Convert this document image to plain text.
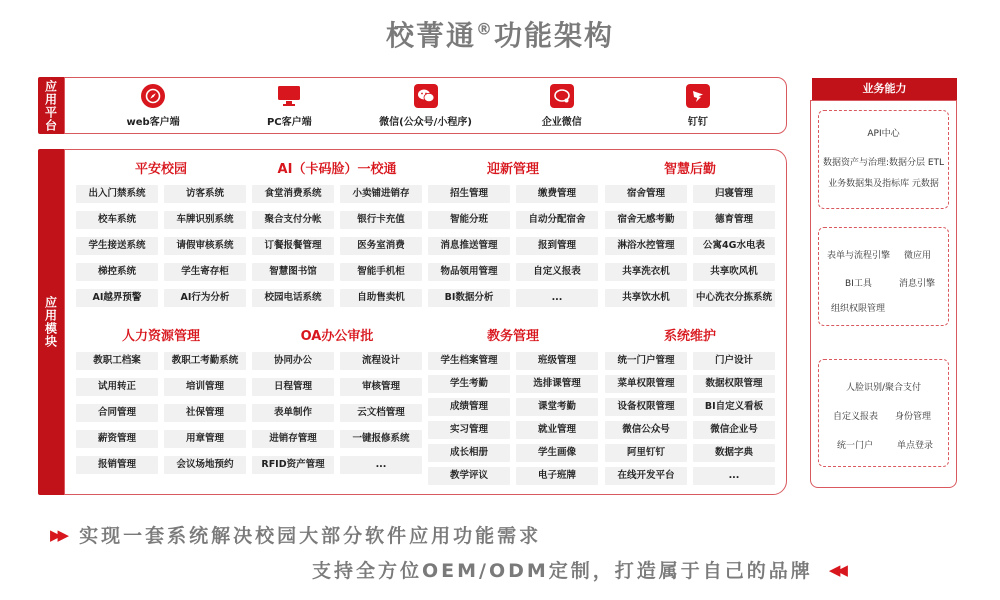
校菁通®功能架构
应用平台	web客户端	PC客户端	微信(公众号/小程序)	企业微信	钉钉
应用模块
平安校园
出入门禁系统	访客系统
校车系统	车牌识别系统
学生接送系统	请假审核系统
梯控系统	学生寄存柜
AI越界预警	AI行为分析
AI（卡码脸）一校通
食堂消费系统	小卖铺进销存
聚合支付分帐	银行卡充值
订餐报餐管理	医务室消费
智慧图书馆	智能手机柜
校园电话系统	自助售卖机
迎新管理
招生管理	缴费管理
智能分班	自动分配宿舍
消息推送管理	报到管理
物品领用管理	自定义报表
BI数据分析	...
智慧后勤
宿舍管理	归寝管理
宿舍无感考勤	德育管理
淋浴水控管理	公寓4G水电表
共享洗衣机	共享吹风机
共享饮水机	中心洗衣分拣系统
人力资源管理
教职工档案	教职工考勤系统
试用转正	培训管理
合同管理	社保管理
薪资管理	用章管理
报销管理	会议场地预约
OA办公审批
协同办公	流程设计
日程管理	审核管理
表单制作	云文档管理
进销存管理	一键报修系统
RFID资产管理	...
教务管理
学生档案管理	班级管理
学生考勤	选排课管理
成绩管理	课堂考勤
实习管理	就业管理
成长相册	学生画像
教学评议	电子班牌
系统维护
统一门户管理	门户设计
菜单权限管理	数据权限管理
设备权限管理	BI自定义看板
微信公众号	微信企业号
阿里钉钉	数据字典
在线开发平台	...
业务能力
API中心
数据资产与治理:数据分层 ETL
业务数据集及指标库 元数据
表单与流程引擎 微应用
BI工具	消息引擎
组织权限管理
人脸识别/聚合支付
自定义报表 身份管理
统一门户	单点登录
▶▶ 实现一套系统解决校园大部分软件应用功能需求
支持全方位OEM/ODM定制，打造属于自己的品牌 ◀◀
